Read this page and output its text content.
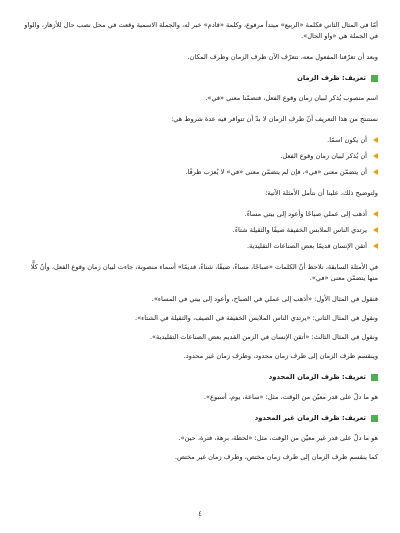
أمّا في المثال الثاني فكلمة «الربيع» مبتدأ مرفوع، وكلمة «قادم» خبر له، والجملة الاسمية وقعت في محل نصب حال للأزهار، والواو في الجملة هي «واو الحال».

وبعد أن تعرّفنا المفعول معه، نتعرّف الآن ظرف الزمان وظرف المكان.

تعريف: ظرف الزمان

اسم منصوب يُذكر لبيان زمان وقوع الفعل، فتضمّنا معنى «في».

نستنتج من هذا التعريف أنّ ظرف الزمان لا بدّ أن تتوافر فيه عدة شروط هي:

أن يكون اسمًا.
أن يُذكر لبيان زمان وقوع الفعل.
أن يتضمّن معنى «في»، فإن لم يتضمّن معنى «في» لا يُعرَب ظرفًا.

ولتوضيح ذلك، علينا أن نتأمل الأمثلة الآتية:

أذهب إلى عملي صباحًا وأعود إلى بيتي مساءً.
يرتدي الناس الملابس الخفيفة صيفًا والثقيلة شتاءً.
أتقن الإنسان قديمًا بعض الصناعات التقليدية.

في الأمثلة السابقة، نلاحظ أنّ الكلمات «صباحًا، مساءً، صيفًا، شتاءً، قديمًا» أسماء منصوبة، جاءت لبيان زمان وقوع الفعل، وأنّ كلًّا منها يتضمّن معنى «في».

فنقول في المثال الأول: «أذهب إلى عملي في الصباح، وأعود إلى بيتي في المساء».

ونقول في المثال الثاني: «يرتدي الناس الملابس الخفيفة في الصيف، والثقيلة في الشتاء».

ونقول في المثال الثالث: «أتقن الإنسان في الزمن القديم بعض الصناعات التقليدية».

وينقسم ظرف الزمان إلى ظرف زمان محدود، وظرف زمان غير محدود.

تعريف: ظرف الزمان المحدود

هو ما دلّ على قدر معيّن من الوقت، مثل: «ساعة، يوم، أسبوع».

تعريف: ظرف الزمان غير المحدود

هو ما دلّ على قدر غير معيّن من الوقت، مثل: «لحظة، برهة، فترة، حين».

كما ينقسم ظرف الزمان إلى ظرف زمان مختص، وظرف زمان غير مختص.

٤
